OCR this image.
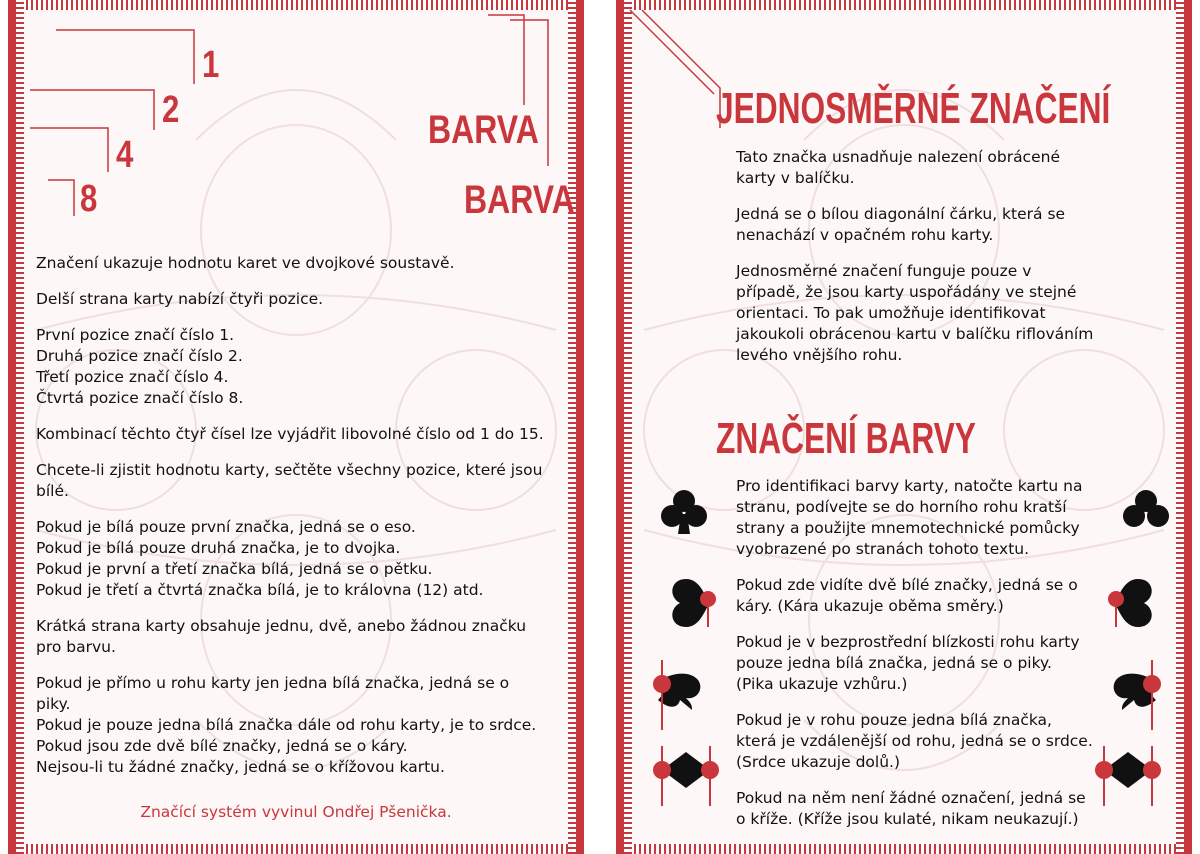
1
2
4
8
BARVA
BARVA

Značení ukazuje hodnotu karet ve dvojkové soustavě.

Delší strana karty nabízí čtyři pozice.

První pozice značí číslo 1.
Druhá pozice značí číslo 2.
Třetí pozice značí číslo 4.
Čtvrtá pozice značí číslo 8.

Kombinací těchto čtyř čísel lze vyjádřit libovolné číslo od 1 do 15.

Chcete-li zjistit hodnotu karty, sečtěte všechny pozice, které jsou
bílé.

Pokud je bílá pouze první značka, jedná se o eso.
Pokud je bílá pouze druhá značka, je to dvojka.
Pokud je první a třetí značka bílá, jedná se o pětku.
Pokud je třetí a čtvrtá značka bílá, je to královna (12) atd.

Krátká strana karty obsahuje jednu, dvě, anebo žádnou značku
pro barvu.

Pokud je přímo u rohu karty jen jedna bílá značka, jedná se o
piky.
Pokud je pouze jedna bílá značka dále od rohu karty, je to srdce.
Pokud jsou zde dvě bílé značky, jedná se o káry.
Nejsou-li tu žádné značky, jedná se o křížovou kartu.

Značící systém vyvinul Ondřej Pšenička.
JEDNOSMĚRNÉ ZNAČENÍ

Tato značka usnadňuje nalezení obrácené
karty v balíčku.

Jedná se o bílou diagonální čárku, která se
nenachází v opačném rohu karty.

Jednosměrné značení funguje pouze v
případě, že jsou karty uspořádány ve stejné
orientaci. To pak umožňuje identifikovat
jakoukoli obrácenou kartu v balíčku riflováním
levého vnějšího rohu.

ZNAČENÍ BARVY

Pro identifikaci barvy karty, natočte kartu na
stranu, podívejte se do horního rohu kratší
strany a použijte mnemotechnické pomůcky
vyobrazené po stranách tohoto textu.

Pokud zde vidíte dvě bílé značky, jedná se o
káry. (Kára ukazuje oběma směry.)

Pokud je v bezprostřední blízkosti rohu karty
pouze jedna bílá značka, jedná se o piky.
(Pika ukazuje vzhůru.)

Pokud je v rohu pouze jedna bílá značka,
která je vzdálenější od rohu, jedná se o srdce.
(Srdce ukazuje dolů.)

Pokud na něm není žádné označení, jedná se
o kříže. (Kříže jsou kulaté, nikam neukazují.)
